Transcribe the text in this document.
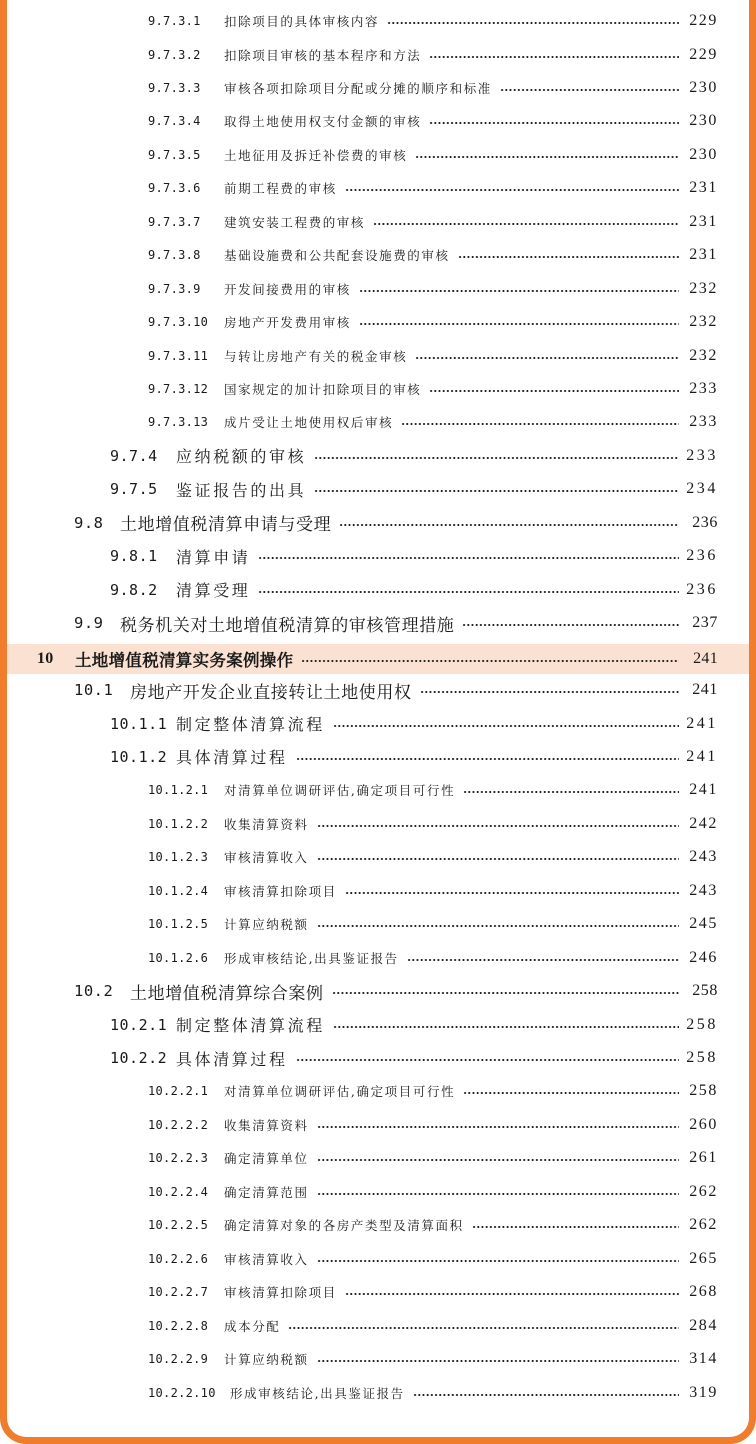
9.7.3.1	扣除项目的具体审核内容	229
9.7.3.2	扣除项目审核的基本程序和方法	229
9.7.3.3	审核各项扣除项目分配或分摊的顺序和标准	230
9.7.3.4	取得土地使用权支付金额的审核	230
9.7.3.5	土地征用及拆迁补偿费的审核	230
9.7.3.6	前期工程费的审核	231
9.7.3.7	建筑安装工程费的审核	231
9.7.3.8	基础设施费和公共配套设施费的审核	231
9.7.3.9	开发间接费用的审核	232
9.7.3.10	房地产开发费用审核	232
9.7.3.11	与转让房地产有关的税金审核	232
9.7.3.12	国家规定的加计扣除项目的审核	233
9.7.3.13	成片受让土地使用权后审核	233
9.7.4	应纳税额的审核	233
9.7.5	鉴证报告的出具	234
9.8 土地增值税清算申请与受理	236
9.8.1	清算申请	236
9.8.2	清算受理	236
9.9 税务机关对土地增值税清算的审核管理措施	237
10	土地增值税清算实务案例操作	241
10.1 房地产开发企业直接转让土地使用权	241
10.1.1 制定整体清算流程	241
10.1.2 具体清算过程	241
10.1.2.1	对清算单位调研评估,确定项目可行性	241
10.1.2.2	收集清算资料	242
10.1.2.3	审核清算收入	243
10.1.2.4	审核清算扣除项目	243
10.1.2.5	计算应纳税额	245
10.1.2.6	形成审核结论,出具鉴证报告	246
10.2 土地增值税清算综合案例	258
10.2.1 制定整体清算流程	258
10.2.2 具体清算过程	258
10.2.2.1	对清算单位调研评估,确定项目可行性	258
10.2.2.2	收集清算资料	260
10.2.2.3	确定清算单位	261
10.2.2.4	确定清算范围	262
10.2.2.5	确定清算对象的各房产类型及清算面积	262
10.2.2.6	审核清算收入	265
10.2.2.7	审核清算扣除项目	268
10.2.2.8	成本分配	284
10.2.2.9	计算应纳税额	314
10.2.2.10	形成审核结论,出具鉴证报告	319
